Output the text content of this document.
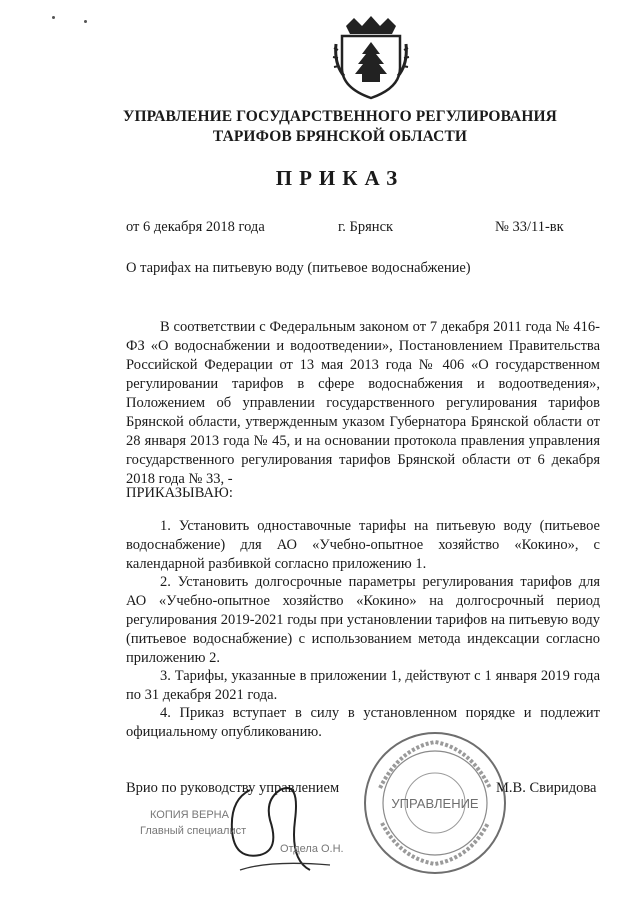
УПРАВЛЕНИЕ ГОСУДАРСТВЕННОГО РЕГУЛИРОВАНИЯ
ТАРИФОВ БРЯНСКОЙ ОБЛАСТИ
ПРИКАЗ
от 6 декабря 2018 года	г. Брянск	№ 33/11-вк
О тарифах на питьевую воду (питьевое водоснабжение)

В соответствии с Федеральным законом от 7 декабря 2011 года № 416-ФЗ «О водоснабжении и водоотведении», Постановлением Правительства Российской Федерации от 13 мая 2013 года № 406 «О государственном регулировании тарифов в сфере водоснабжения и водоотведения», Положением об управлении государственного регулирования тарифов Брянской области, утвержденным указом Губернатора Брянской области от 28 января 2013 года № 45, и на основании протокола правления управления государственного регулирования тарифов Брянской области от 6 декабря 2018 года № 33, -

ПРИКАЗЫВАЮ:

1. Установить одноставочные тарифы на питьевую воду (питьевое водоснабжение) для АО «Учебно-опытное хозяйство «Кокино», с календарной разбивкой согласно приложению 1.

2. Установить долгосрочные параметры регулирования тарифов для АО «Учебно-опытное хозяйство «Кокино» на долгосрочный период регулирования 2019-2021 годы при установлении тарифов на питьевую воду (питьевое водоснабжение) с использованием метода индексации согласно приложению 2.

3. Тарифы, указанные в приложении 1, действуют с 1 января 2019 года по 31 декабря 2021 года.

4. Приказ вступает в силу в установленном порядке и подлежит официальному опубликованию.

УПРАВЛЕНИЕ
КОПИЯ ВЕРНА
Главный специалист
Отдела О.Н.
Врио по руководству управлением	М.В. Свиридова
